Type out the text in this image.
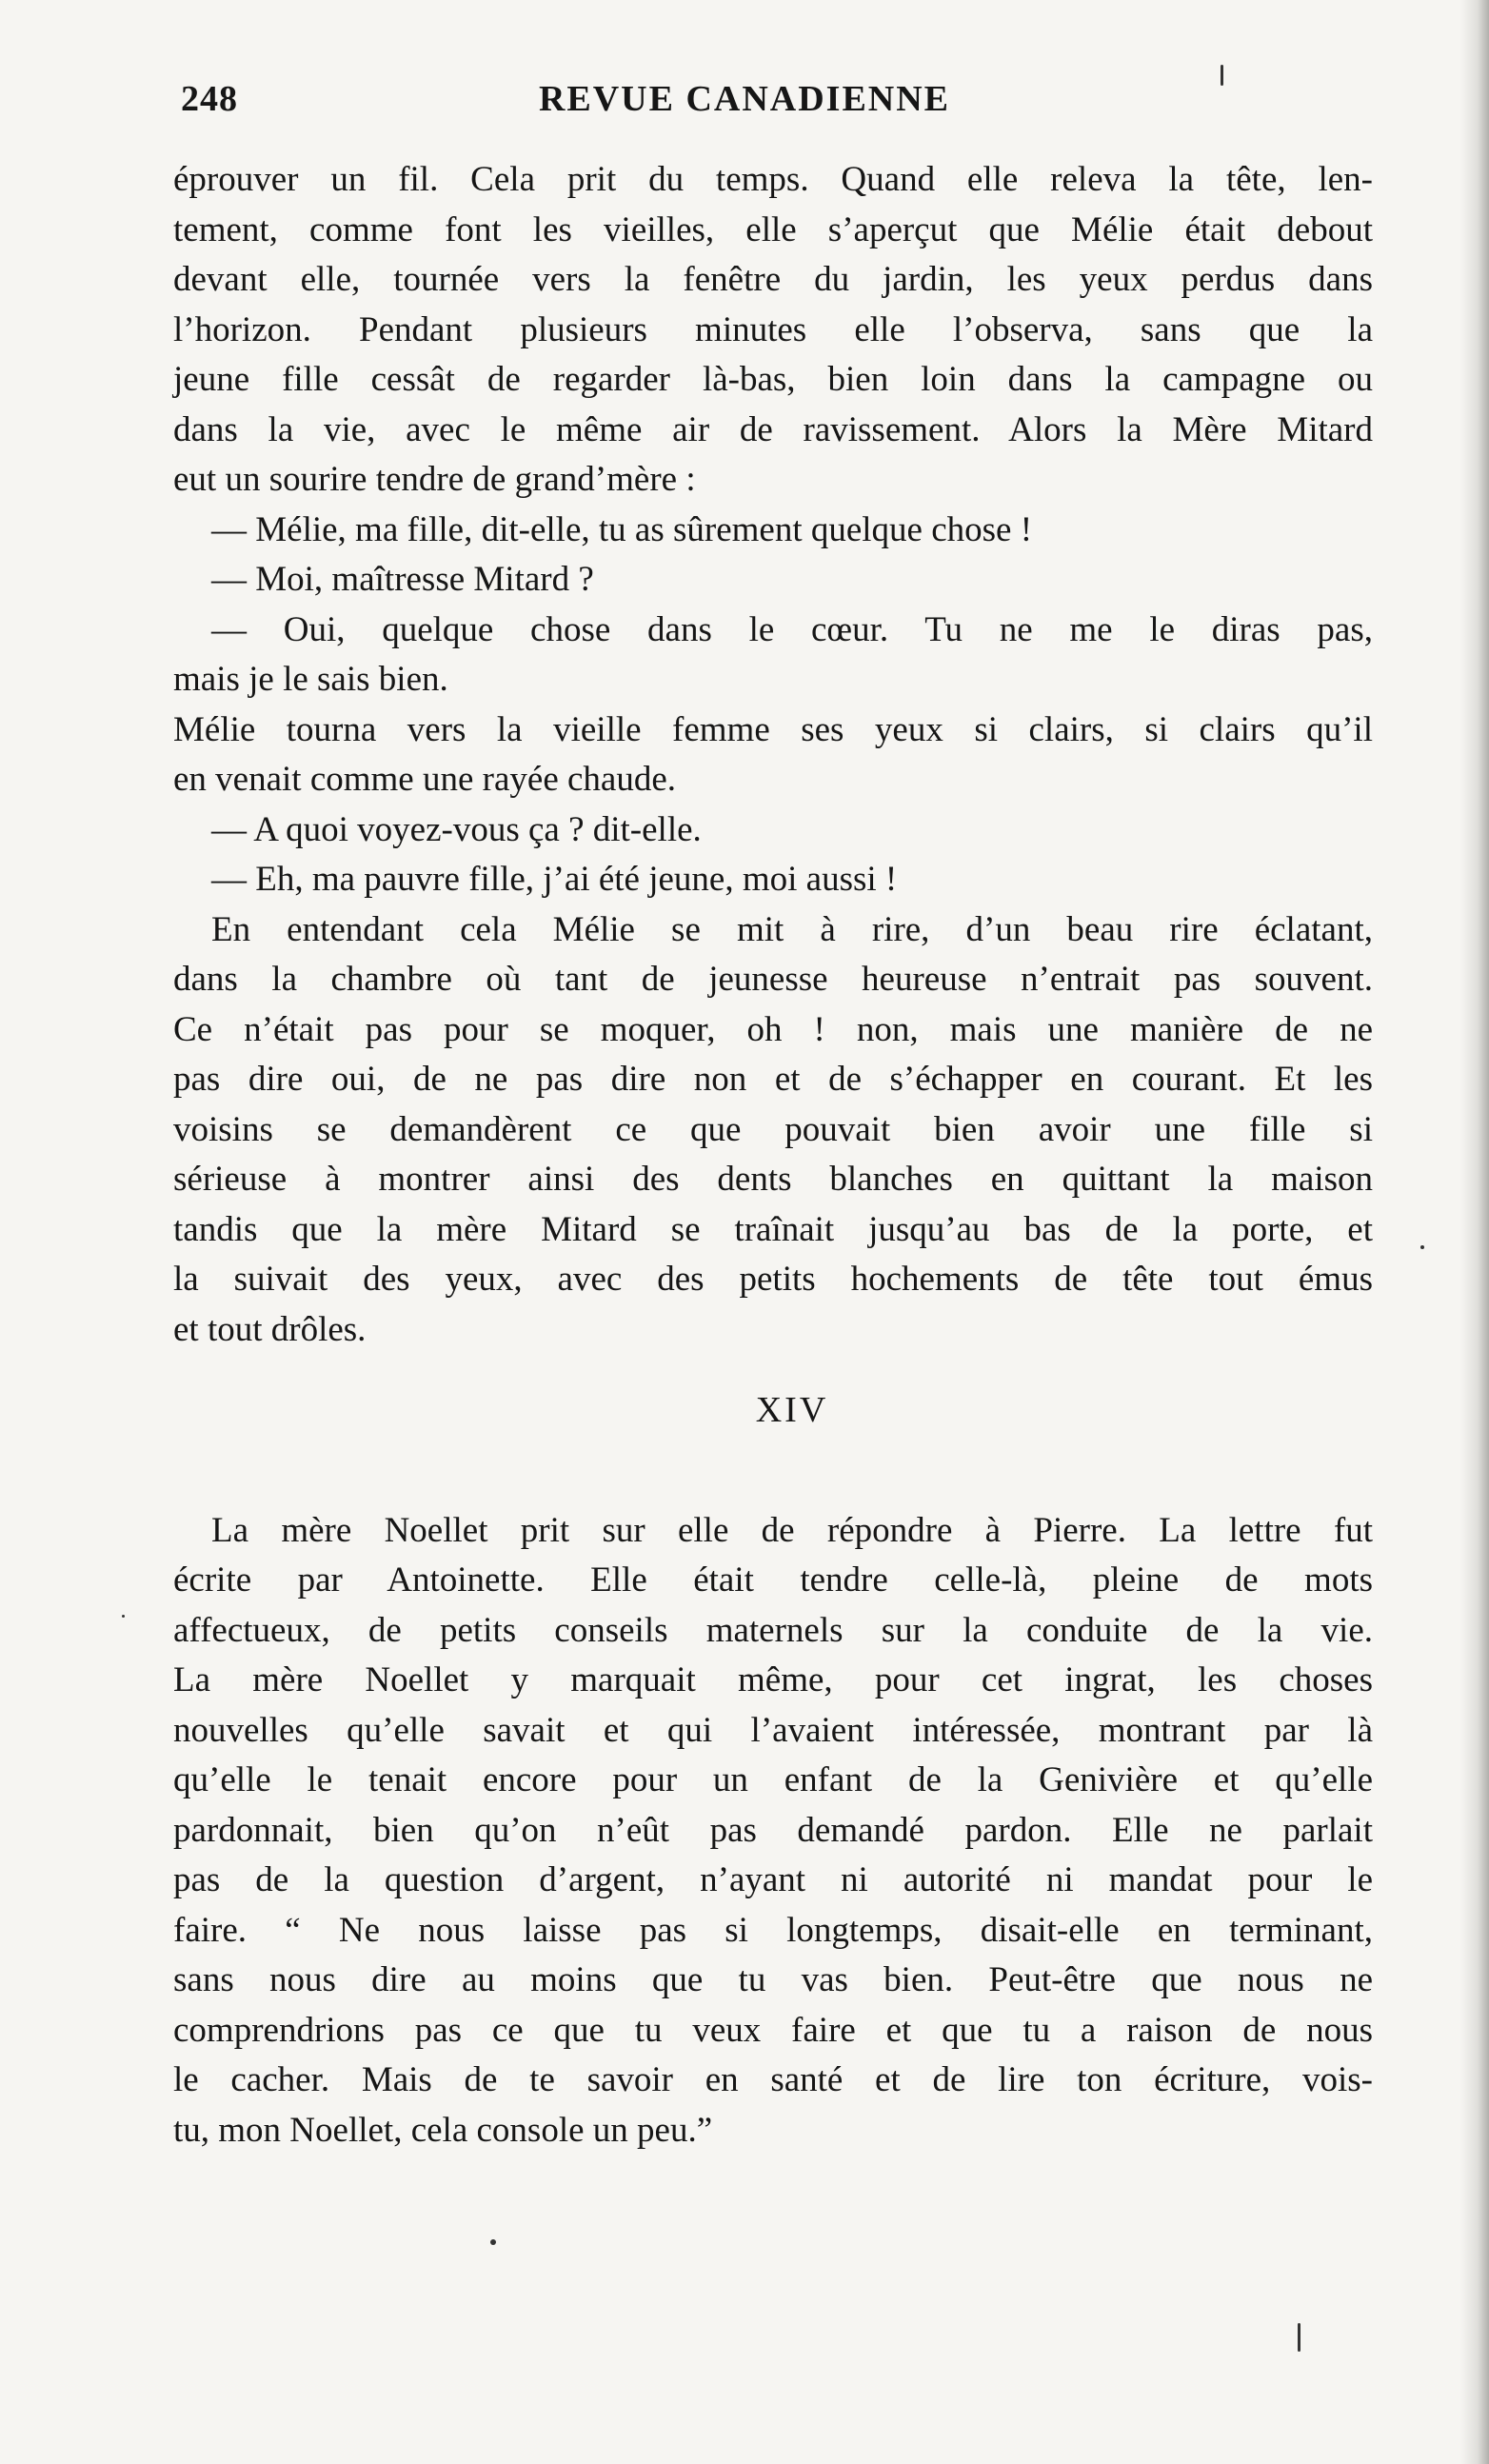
248	REVUE CANADIENNE
éprouver un fil. Cela prit du temps. Quand elle releva la tête, len-
tement, comme font les vieilles, elle s’aperçut que Mélie était debout
devant elle, tournée vers la fenêtre du jardin, les yeux perdus dans
l’horizon. Pendant plusieurs minutes elle l’observa, sans que la
jeune fille cessât de regarder là-bas, bien loin dans la campagne ou
dans la vie, avec le même air de ravissement. Alors la Mère Mitard
eut un sourire tendre de grand’mère :
— Mélie, ma fille, dit-elle, tu as sûrement quelque chose !
— Moi, maîtresse Mitard ?
— Oui, quelque chose dans le cœur. Tu ne me le diras pas,
mais je le sais bien.
Mélie tourna vers la vieille femme ses yeux si clairs, si clairs qu’il
en venait comme une rayée chaude.
— A quoi voyez-vous ça ? dit-elle.
— Eh, ma pauvre fille, j’ai été jeune, moi aussi !
En entendant cela Mélie se mit à rire, d’un beau rire éclatant,
dans la chambre où tant de jeunesse heureuse n’entrait pas souvent.
Ce n’était pas pour se moquer, oh ! non, mais une manière de ne
pas dire oui, de ne pas dire non et de s’échapper en courant. Et les
voisins se demandèrent ce que pouvait bien avoir une fille si
sérieuse à montrer ainsi des dents blanches en quittant la maison
tandis que la mère Mitard se traînait jusqu’au bas de la porte, et
la suivait des yeux, avec des petits hochements de tête tout émus
et tout drôles.
XIV
La mère Noellet prit sur elle de répondre à Pierre. La lettre fut
écrite par Antoinette. Elle était tendre celle-là, pleine de mots
affectueux, de petits conseils maternels sur la conduite de la vie.
La mère Noellet y marquait même, pour cet ingrat, les choses
nouvelles qu’elle savait et qui l’avaient intéressée, montrant par là
qu’elle le tenait encore pour un enfant de la Genivière et qu’elle
pardonnait, bien qu’on n’eût pas demandé pardon. Elle ne parlait
pas de la question d’argent, n’ayant ni autorité ni mandat pour le
faire. “ Ne nous laisse pas si longtemps, disait-elle en terminant,
sans nous dire au moins que tu vas bien. Peut-être que nous ne
comprendrions pas ce que tu veux faire et que tu a raison de nous
le cacher. Mais de te savoir en santé et de lire ton écriture, vois-
tu, mon Noellet, cela console un peu.”
